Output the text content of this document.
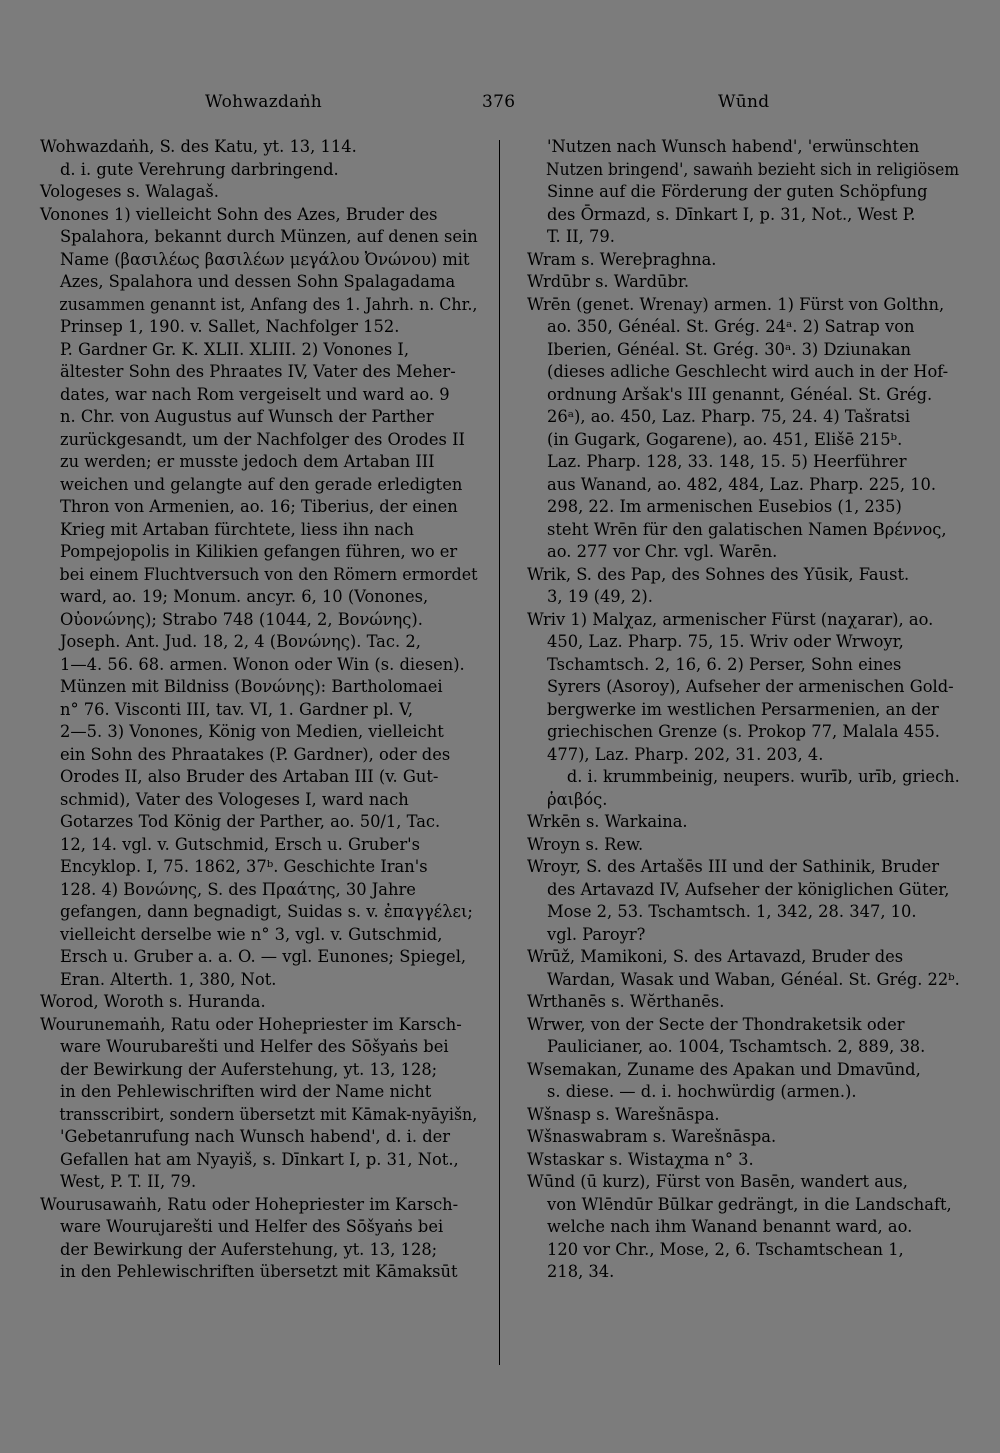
Wohwazdaṅh	376	Wūnd
Wohwazdaṅh, S. des Katu, yt. 13, 114.
d. i. gute Verehrung darbringend.
Vologeses s. Walagaš.
Vonones 1) vielleicht Sohn des Azes, Bruder des
Spalahora, bekannt durch Münzen, auf denen sein
Name (βασιλέως βασιλέων μεγάλου Ὀνώνου) mit
Azes, Spalahora und dessen Sohn Spalagadama
zusammen genannt ist, Anfang des 1. Jahrh. n. Chr.,
Prinsep 1, 190. v. Sallet, Nachfolger 152.
P. Gardner Gr. K. XLII. XLIII. 2) Vonones I,
ältester Sohn des Phraates IV, Vater des Meher-
dates, war nach Rom vergeiselt und ward ao. 9
n. Chr. von Augustus auf Wunsch der Parther
zurückgesandt, um der Nachfolger des Orodes II
zu werden; er musste jedoch dem Artaban III
weichen und gelangte auf den gerade erledigten
Thron von Armenien, ao. 16; Tiberius, der einen
Krieg mit Artaban fürchtete, liess ihn nach
Pompejopolis in Kilikien gefangen führen, wo er
bei einem Fluchtversuch von den Römern ermordet
ward, ao. 19; Monum. ancyr. 6, 10 (Vonones,
Οὐονώνης); Strabo 748 (1044, 2, Βονώνης).
Joseph. Ant. Jud. 18, 2, 4 (Βονώνης). Tac. 2,
1—4. 56. 68. armen. Wonon oder Win (s. diesen).
Münzen mit Bildniss (Βονώνης): Bartholomaei
n° 76. Visconti III, tav. VI, 1. Gardner pl. V,
2—5. 3) Vonones, König von Medien, vielleicht
ein Sohn des Phraatakes (P. Gardner), oder des
Orodes II, also Bruder des Artaban III (v. Gut-
schmid), Vater des Vologeses I, ward nach
Gotarzes Tod König der Parther, ao. 50/1, Tac.
12, 14. vgl. v. Gutschmid, Ersch u. Gruber's
Encyklop. I, 75. 1862, 37ᵇ. Geschichte Iran's
128. 4) Βονώνης, S. des Πραάτης, 30 Jahre
gefangen, dann begnadigt, Suidas s. v. ἐπαγγέλει;
vielleicht derselbe wie n° 3, vgl. v. Gutschmid,
Ersch u. Gruber a. a. O. — vgl. Eunones; Spiegel,
Eran. Alterth. 1, 380, Not.
Worod, Woroth s. Huranda.
Wourunemaṅh, Ratu oder Hohepriester im Karsch-
ware Wourubarešti und Helfer des Sōšyaṅs bei
der Bewirkung der Auferstehung, yt. 13, 128;
in den Pehlewischriften wird der Name nicht
transscribirt, sondern übersetzt mit Kāmak-nyāyišn,
'Gebetanrufung nach Wunsch habend', d. i. der
Gefallen hat am Nyayiš, s. Dīnkart I, p. 31, Not.,
West, P. T. II, 79.
Wourusawaṅh, Ratu oder Hohepriester im Karsch-
ware Wourujarešti und Helfer des Sōšyaṅs bei
der Bewirkung der Auferstehung, yt. 13, 128;
in den Pehlewischriften übersetzt mit Kāmaksūt
'Nutzen nach Wunsch habend', 'erwünschten
Nutzen bringend', sawaṅh bezieht sich in religiösem
Sinne auf die Förderung der guten Schöpfung
des Ōrmazd, s. Dīnkart I, p. 31, Not., West P.
T. II, 79.
Wram s. Wereþraghna.
Wrdūbr s. Wardūbr.
Wrēn (genet. Wrenay) armen. 1) Fürst von Golthn,
ao. 350, Généal. St. Grég. 24ᵃ. 2) Satrap von
Iberien, Généal. St. Grég. 30ᵃ. 3) Dziunakan
(dieses adliche Geschlecht wird auch in der Hof-
ordnung Aršak's III genannt, Généal. St. Grég.
26ᵃ), ao. 450, Laz. Pharp. 75, 24. 4) Tašratsi
(in Gugark, Gogarene), ao. 451, Elišē 215ᵇ.
Laz. Pharp. 128, 33. 148, 15. 5) Heerführer
aus Wanand, ao. 482, 484, Laz. Pharp. 225, 10.
298, 22. Im armenischen Eusebios (1, 235)
steht Wrēn für den galatischen Namen Βρέννος,
ao. 277 vor Chr. vgl. Warēn.
Wrik, S. des Pap, des Sohnes des Yūsik, Faust.
3, 19 (49, 2).
Wriv 1) Malχaz, armenischer Fürst (naχarar), ao.
450, Laz. Pharp. 75, 15. Wriv oder Wrwoyr,
Tschamtsch. 2, 16, 6. 2) Perser, Sohn eines
Syrers (Asoroy), Aufseher der armenischen Gold-
bergwerke im westlichen Persarmenien, an der
griechischen Grenze (s. Prokop 77, Malala 455.
477), Laz. Pharp. 202, 31. 203, 4.
d. i. krummbeinig, neupers. wurīb, urīb, griech.
ῥαιβός.
Wrkēn s. Warkaina.
Wroyn s. Rew.
Wroyr, S. des Artašēs III und der Sathinik, Bruder
des Artavazd IV, Aufseher der königlichen Güter,
Mose 2, 53. Tschamtsch. 1, 342, 28. 347, 10.
vgl. Paroyr?
Wrūž, Mamikoni, S. des Artavazd, Bruder des
Wardan, Wasak und Waban, Généal. St. Grég. 22ᵇ.
Wrthanēs s. Wĕrthanēs.
Wrwer, von der Secte der Thondraketsik oder
Paulicianer, ao. 1004, Tschamtsch. 2, 889, 38.
Wsemakan, Zuname des Apakan und Dmavūnd,
s. diese. — d. i. hochwürdig (armen.).
Wšnasp s. Warešnāspa.
Wšnaswabram s. Warešnāspa.
Wstaskar s. Wistaχma n° 3.
Wūnd (ū kurz), Fürst von Basēn, wandert aus,
von Wlēndūr Būlkar gedrängt, in die Landschaft,
welche nach ihm Wanand benannt ward, ao.
120 vor Chr., Mose, 2, 6. Tschamtschean 1,
218, 34.
